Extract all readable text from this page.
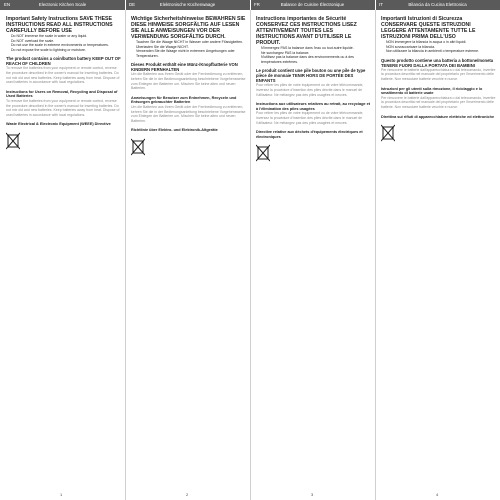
EN	Electronic Kitchen Scale	DE	Elektronische Küchenwaage	FR	Balance de Cuisine Électronique	IT	Bilancia da Cucina Elettronica
Important Safety Instructions SAVE THESE INSTRUCTIONS READ ALL INSTRUCTIONS CAREFULLY BEFORE USE
• Do NOT immerse the scale in water or any liquid.
• Do NOT overload the scale.
• Do not use the scale in extreme environments or temperatures.
• Do not expose the scale to lightning or moisture.
The product contains a coin/button battery KEEP OUT OF REACH OF CHILDREN

To remove the batteries from your equipment or remote control, reverse the procedure described in the owner's manual for inserting batteries. Do not mix old and new batteries. Keep batteries away from heat. Dispose of used batteries in accordance with local regulations.

Instructions for Users on Removal, Recycling and Disposal of Used Batteries

To remove the batteries from your equipment or remote control, reverse the procedure described in the owner's manual for inserting batteries. Do not mix old and new batteries. Keep batteries away from heat. Dispose of used batteries in accordance with local regulations.

Waste Electrical & Electronic Equipment (WEEE) Directive
Wichtige Sicherheitshinweise BEWAHREN SIE DIESE HINWEISE SORGFÄLTIG AUF LESEN SIE ALLE ANWEISUNGEN VOR DER VERWENDUNG SORGFÄLTIG DURCH.
• Tauchen Sie die Waage NICHT in Wasser oder andere Flüssigkeiten.
• Überlasten Sie die Waage NICHT.
• Verwenden Sie die Waage nicht in extremen Umgebungen oder Temperaturen.
Dieses Produkt enthält eine Münz-/Knopfbatterie VON KINDERN FERNHALTEN

Um die Batterien aus Ihrem Gerät oder der Fernbedienung zu entfernen, kehren Sie die in der Bedienungsanleitung beschriebene Vorgehensweise zum Einlegen der Batterien um. Mischen Sie keine alten und neuen Batterien.

Anweisungen für Benutzer zum Entnehmen, Recyceln und Entsorgen gebrauchter Batterien

Um die Batterien aus Ihrem Gerät oder der Fernbedienung zu entfernen, kehren Sie die in der Bedienungsanleitung beschriebene Vorgehensweise zum Einlegen der Batterien um. Mischen Sie keine alten und neuen Batterien.

Richtlinie über Elektro- und Elektronik-Altgeräte
Instructions importantes de Sécurité CONSERVEZ CES INSTRUCTIONS LISEZ ATTENTIVEMENT TOUTES LES INSTRUCTIONS AVANT D'UTILISER LE PRODUIT.
• N'immergez PAS la balance dans l'eau ou tout autre liquide.
• Ne surchargez PAS la balance.
• N'utilisez pas la balance dans des environnements ou à des températures extrêmes.
Le produit contient une pile bouton ou une pile de type pièce de monnaie TENIR HORS DE PORTÉE DES ENFANTS

Pour retirer les piles de votre équipement ou de votre télécommande, inversez la procédure d'insertion des piles décrite dans le manuel de l'utilisateur. Ne mélangez pas des piles usagées et neuves.

Instructions aux utilisateurs relatives au retrait, au recyclage et à l'élimination des piles usagées

Pour retirer les piles de votre équipement ou de votre télécommande, inversez la procédure d'insertion des piles décrite dans le manuel de l'utilisateur. Ne mélangez pas des piles usagées et neuves.

Directive relative aux déchets d'équipements électriques et électroniques
Importanti Istruzioni di Sicurezza CONSERVARE QUESTE ISTRUZIONI LEGGERE ATTENTAMENTE TUTTE LE ISTRUZIONI PRIMA DELL'USO
• NON immergere la bilancia in acqua o in altri liquidi.
• NON sovraccaricare la bilancia.
• Non utilizzare la bilancia in ambienti o temperature estreme.
Questo prodotto contiene una batteria a bottone/moneta TENERE FUORI DALLA PORTATA DEI BAMBINI

Per rimuovere le batterie dall'apparecchiatura o dal telecomando, invertire la procedura descritta nel manuale del proprietario per l'inserimento delle batterie. Non mescolare batterie vecchie e nuove.

Istruzioni per gli utenti sulla rimozione, il riciclaggio e lo smaltimento di batterie usate

Per rimuovere le batterie dall'apparecchiatura o dal telecomando, invertire la procedura descritta nel manuale del proprietario per l'inserimento delle batterie. Non mescolare batterie vecchie e nuove.

Direttiva sui rifiuti di apparecchiature elettriche ed elettroniche
1	2	3	4
